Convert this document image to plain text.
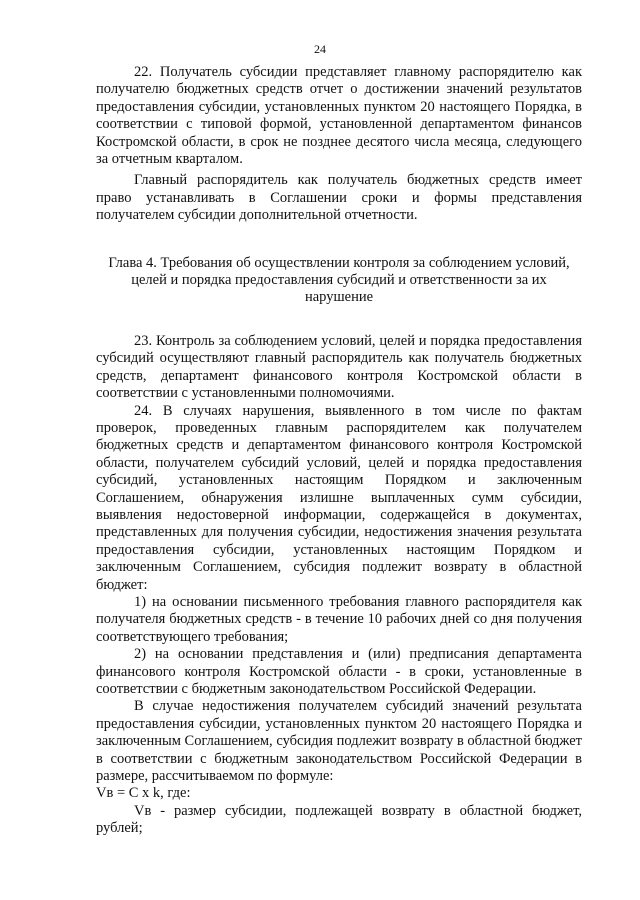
24

22. Получатель субсидии представляет главному распорядителю как получателю бюджетных средств отчет о достижении значений результатов предоставления субсидии, установленных пунктом 20 настоящего Порядка, в соответствии с типовой формой, установленной департаментом финансов Костромской области, в срок не позднее десятого числа месяца, следующего за отчетным кварталом.

Главный распорядитель как получатель бюджетных средств имеет право устанавливать в Соглашении сроки и формы представления получателем субсидии дополнительной отчетности.

Глава 4. Требования об осуществлении контроля за соблюдением условий, целей и порядка предоставления субсидий и ответственности за их нарушение

23. Контроль за соблюдением условий, целей и порядка предоставления субсидий осуществляют главный распорядитель как получатель бюджетных средств, департамент финансового контроля Костромской области в соответствии с установленными полномочиями.

24. В случаях нарушения, выявленного в том числе по фактам проверок, проведенных главным распорядителем как получателем бюджетных средств и департаментом финансового контроля Костромской области, получателем субсидий условий, целей и порядка предоставления субсидий, установленных настоящим Порядком и заключенным Соглашением, обнаружения излишне выплаченных сумм субсидии, выявления недостоверной информации, содержащейся в документах, представленных для получения субсидии, недостижения значения результата предоставления субсидии, установленных настоящим Порядком и заключенным Соглашением, субсидия подлежит возврату в областной бюджет:

1) на основании письменного требования главного распорядителя как получателя бюджетных средств - в течение 10 рабочих дней со дня получения соответствующего требования;

2) на основании представления и (или) предписания департамента финансового контроля Костромской области - в сроки, установленные в соответствии с бюджетным законодательством Российской Федерации.

В случае недостижения получателем субсидий значений результата предоставления субсидии, установленных пунктом 20 настоящего Порядка и заключенным Соглашением, субсидия подлежит возврату в областной бюджет в соответствии с бюджетным законодательством Российской Федерации в размере, рассчитываемом по формуле:

Vв = C x k, где:

Vв - размер субсидии, подлежащей возврату в областной бюджет, рублей;
